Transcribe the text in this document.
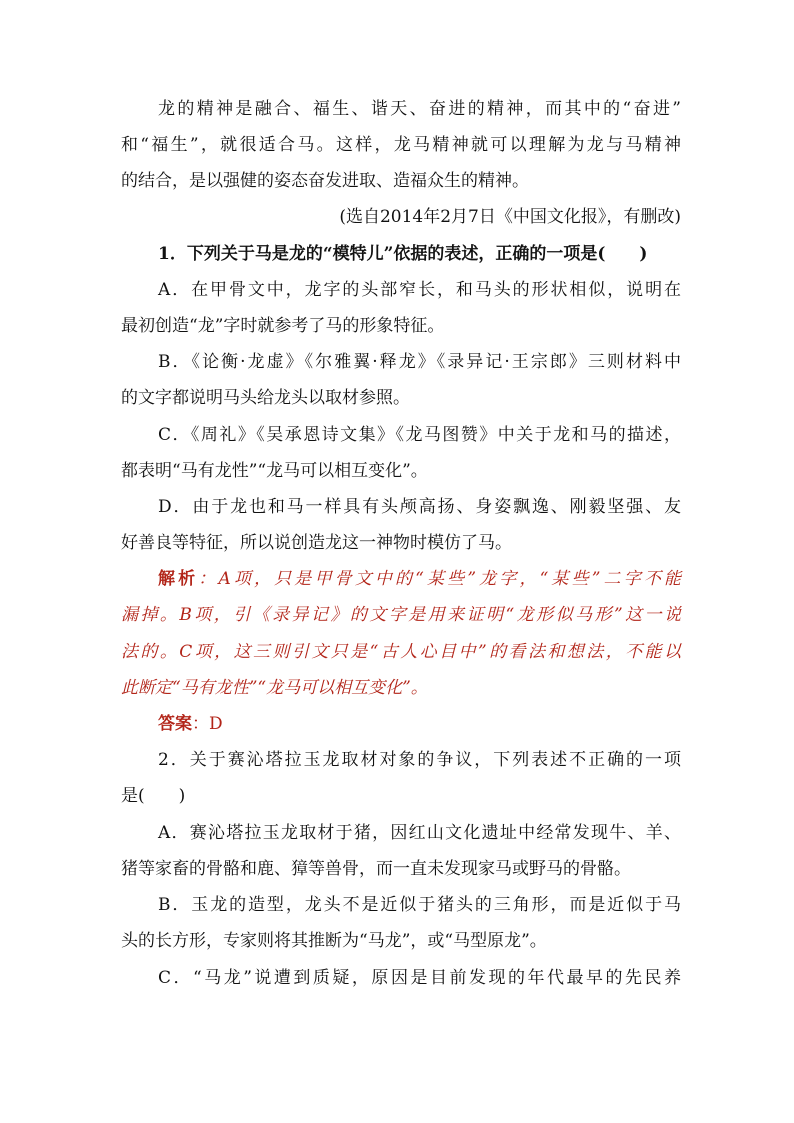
龙的精神是融合、福生、谐天、奋进的精神，而其中的“奋进”
和“福生”，就很适合马。这样，龙马精神就可以理解为龙与马精神
的结合，是以强健的姿态奋发进取、造福众生的精神。
(选自2014年2月7日《中国文化报》，有删改)
1．下列关于马是龙的“模特儿”依据的表述，正确的一项是(　　)
A．在甲骨文中，龙字的头部窄长，和马头的形状相似，说明在
最初创造“龙”字时就参考了马的形象特征。
B．《论衡·龙虚》《尔雅翼·释龙》《录异记·王宗郎》三则材料中
的文字都说明马头给龙头以取材参照。
C．《周礼》《吴承恩诗文集》《龙马图赞》中关于龙和马的描述，
都表明“马有龙性”“龙马可以相互变化”。
D．由于龙也和马一样具有头颅高扬、身姿飘逸、刚毅坚强、友
好善良等特征，所以说创造龙这一神物时模仿了马。
解析：A项，只是甲骨文中的“某些”龙字，“某些”二字不能
漏掉。B项，引《录异记》的文字是用来证明“龙形似马形”这一说
法的。C项，这三则引文只是“古人心目中”的看法和想法，不能以
此断定“马有龙性”“龙马可以相互变化”。
答案：D
2．关于赛沁塔拉玉龙取材对象的争议，下列表述不正确的一项
是(　　)
A．赛沁塔拉玉龙取材于猪，因红山文化遗址中经常发现牛、羊、
猪等家畜的骨骼和鹿、獐等兽骨，而一直未发现家马或野马的骨骼。
B．玉龙的造型，龙头不是近似于猪头的三角形，而是近似于马
头的长方形，专家则将其推断为“马龙”，或“马型原龙”。
C．“马龙”说遭到质疑，原因是目前发现的年代最早的先民养
